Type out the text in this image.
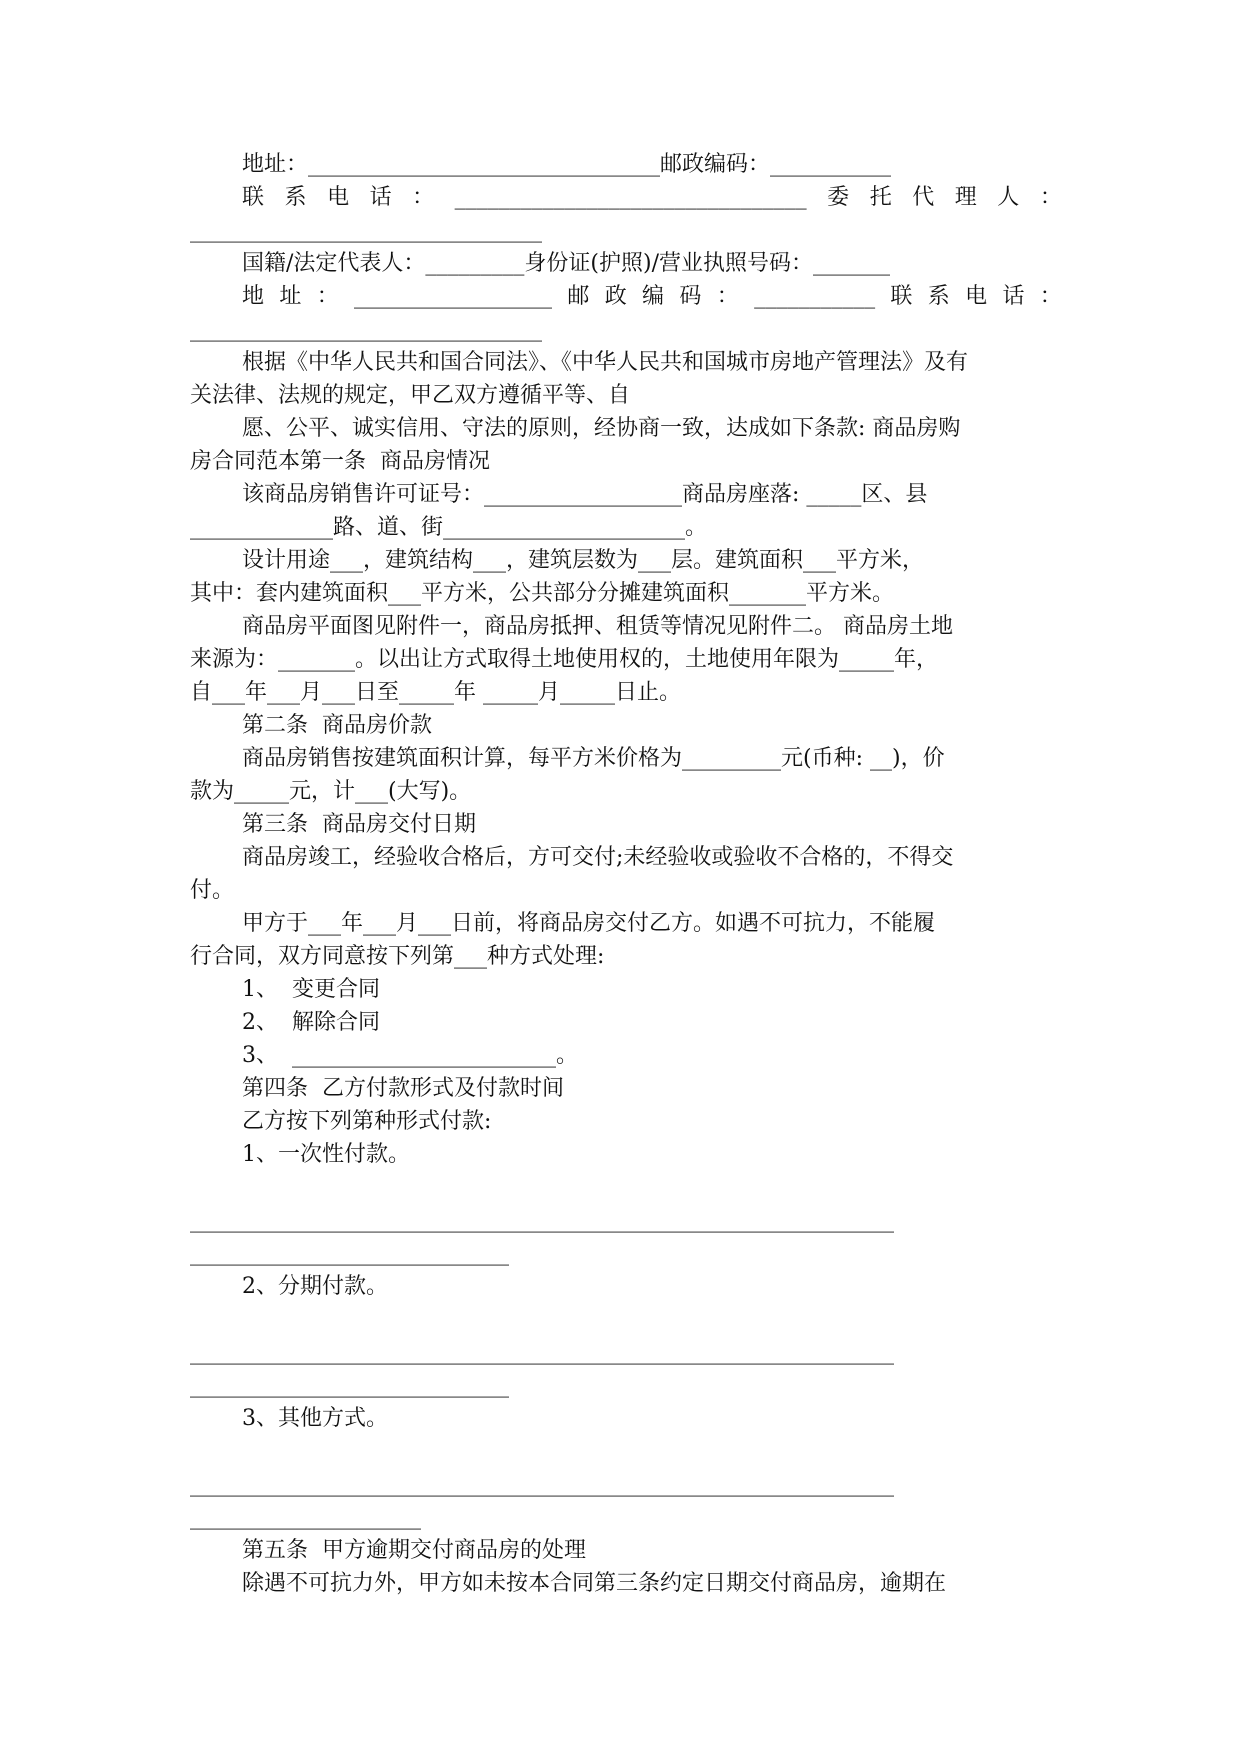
地址：________________________________邮政编码：___________
联 系 电 话 ： ________________________________ 委 托 代 理 人 ：
________________________________
国籍/法定代表人：_________身份证(护照)/营业执照号码：_______
地 址 ： __________________ 邮 政 编 码 ： ___________ 联 系 电 话 ：
________________________________
根据《中华人民共和国合同法》、《中华人民共和国城市房地产管理法》及有
关法律、法规的规定，甲乙双方遵循平等、自
愿、公平、诚实信用、守法的原则，经协商一致，达成如下条款: 商品房购
房合同范本第一条  商品房情况
该商品房销售许可证号：__________________商品房座落: _____区、县
_____________路、道、街______________________。
设计用途___，建筑结构___，建筑层数为___层。建筑面积___平方米，
其中：套内建筑面积___平方米，公共部分分摊建筑面积_______平方米。
商品房平面图见附件一，商品房抵押、租赁等情况见附件二。 商品房土地
来源为：_______。以出让方式取得土地使用权的，土地使用年限为_____年，
自___年___月___日至_____年 _____月_____日止。
第二条  商品房价款
商品房销售按建筑面积计算，每平方米价格为_________元(币种: __)，价
款为_____元，计___(大写)。
第三条  商品房交付日期
商品房竣工，经验收合格后，方可交付;未经验收或验收不合格的，不得交
付。
甲方于___年___月___日前，将商品房交付乙方。如遇不可抗力，不能履
行合同，双方同意按下列第___种方式处理:
1、  变更合同
2、  解除合同
3、  ________________________。
第四条  乙方付款形式及付款时间
乙方按下列第种形式付款:
1、一次性付款。
________________________________________________________________
_____________________________
2、分期付款。
________________________________________________________________
_____________________________
3、其他方式。
________________________________________________________________
_____________________
第五条  甲方逾期交付商品房的处理
除遇不可抗力外，甲方如未按本合同第三条约定日期交付商品房，逾期在
